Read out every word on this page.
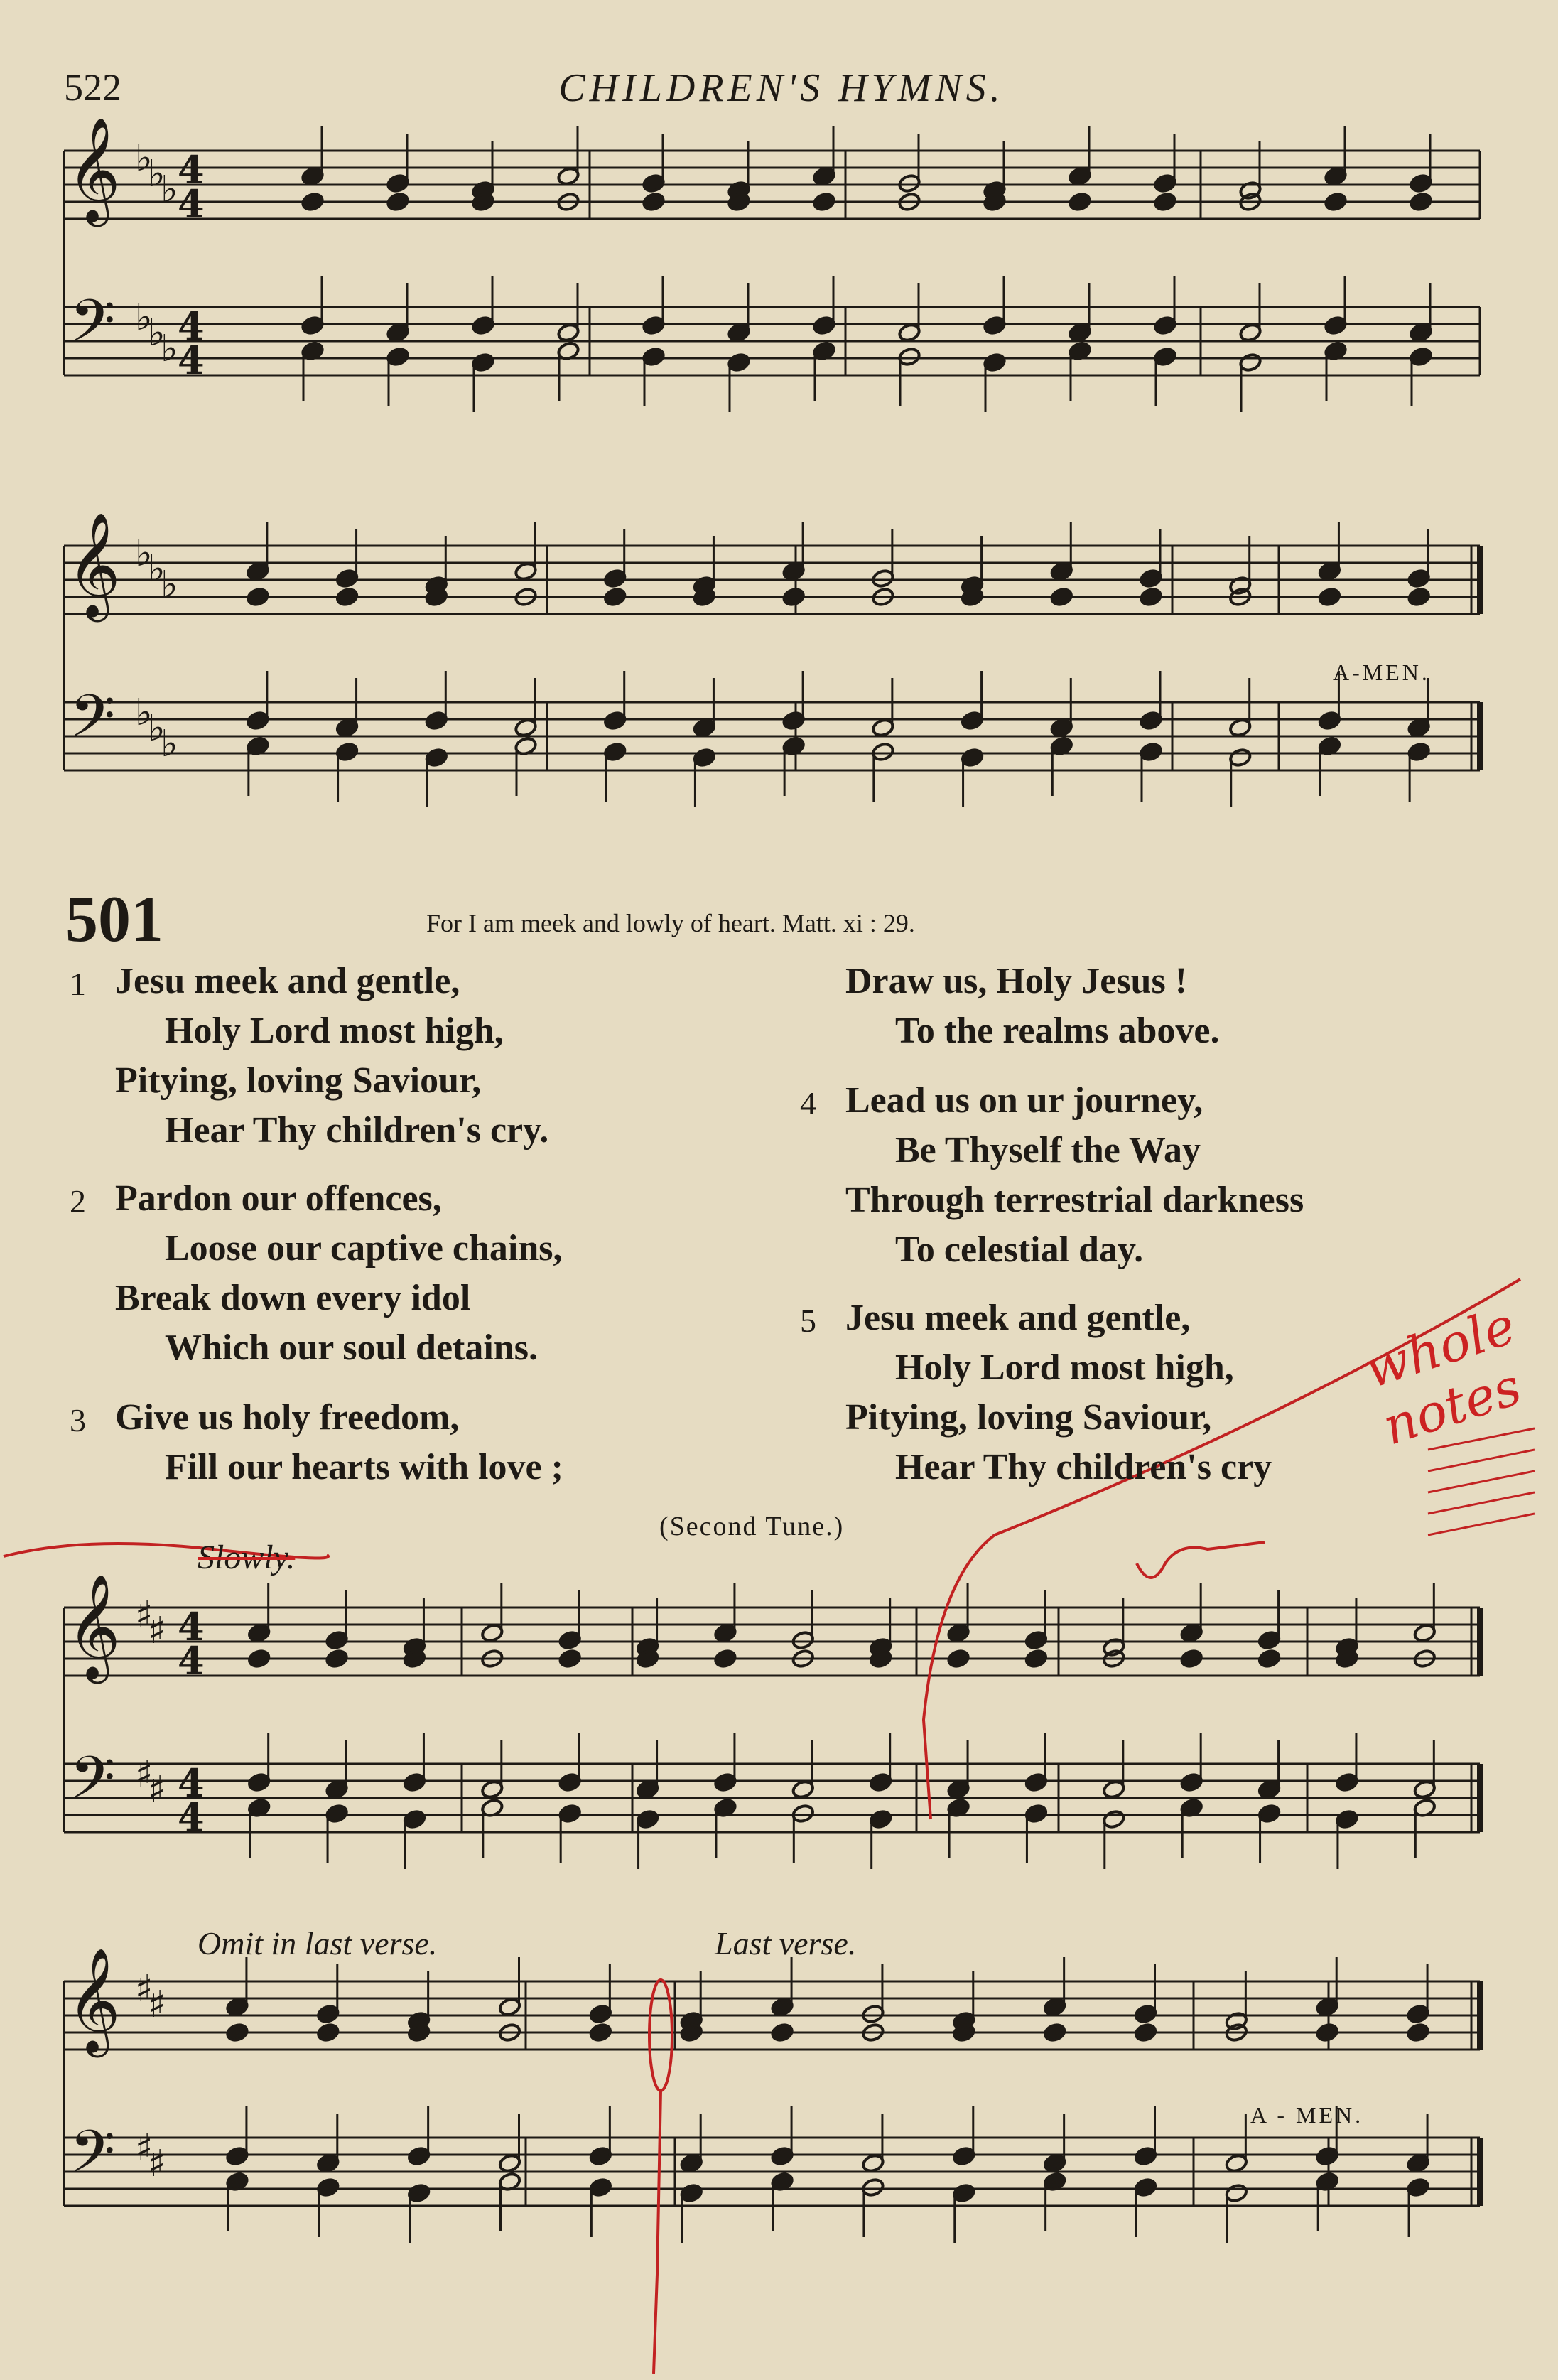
522	CHILDREN'S HYMNS.
𝄞
𝄢
♭
♭
♭
♭
♭
♭
4
4
4
4
𝄞
𝄢
♭
♭
♭
♭
♭
♭
𝄞
𝄢
♯
♯
♯
♯
4
4
4
4
𝄞
𝄢
♯
♯
♯
♯
A-MEN.
501	For I am meek and lowly of heart. Matt. xi : 29.
1 Jesu meek and gentle,
Holy Lord most high,
Pitying, loving Saviour,
Hear Thy children's cry.
2 Pardon our offences,
Loose our captive chains,
Break down every idol
Which our soul detains.
3 Give us holy freedom,
Fill our hearts with love ;
Draw us, Holy Jesus !
To the realms above.
4 Lead us on ur journey,
Be Thyself the Way
Through terrestrial darkness
To celestial day.
5 Jesu meek and gentle,
Holy Lord most high,
Pitying, loving Saviour,
Hear Thy children's cry
(Second Tune.)
Slowly.
Omit in last verse.	Last verse.
A - MEN.
whole notes
